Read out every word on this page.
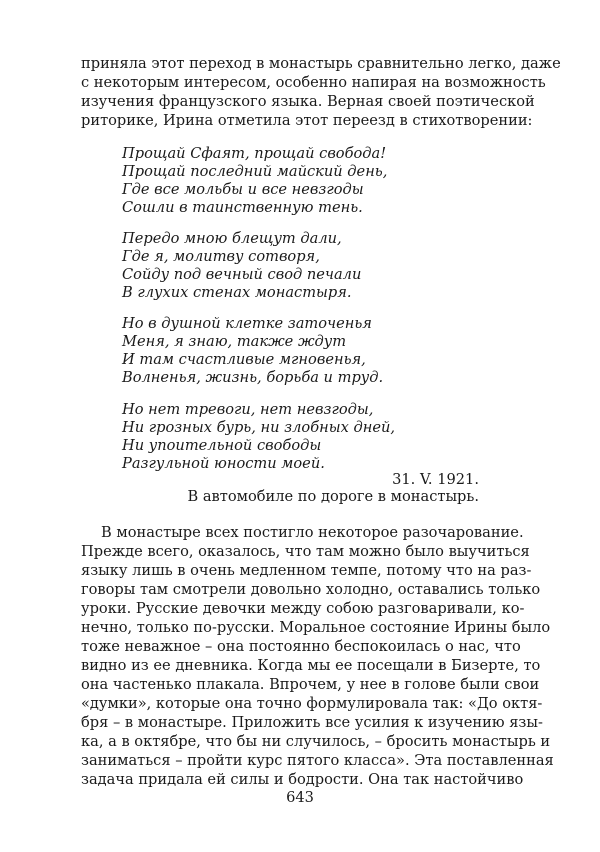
приняла этот переход в монастырь сравнительно легко, даже
с некоторым интересом, особенно напирая на возможность
изучения французского языка. Верная своей поэтической
риторике, Ирина отметила этот переезд в стихотворении:
Прощай Сфаят, прощай свобода!
Прощай последний майский день,
Где все мольбы и все невзгоды
Сошли в таинственную тень.
Передо мною блещут дали,
Где я, молитву сотворя,
Сойду под вечный свод печали
В глухих стенах монастыря.
Но в душной клетке заточенья
Меня, я знаю, также ждут
И там счастливые мгновенья,
Волненья, жизнь, борьба и труд.
Но нет тревоги, нет невзгоды,
Ни грозных бурь, ни злобных дней,
Ни упоительной свободы
Разгульной юности моей.
31. V. 1921.
В автомобиле по дороге в монастырь.
В монастыре всех постигло некоторое разочарование.
Прежде всего, оказалось, что там можно было выучиться
языку лишь в очень медленном темпе, потому что на раз-
говоры там смотрели довольно холодно, оставались только
уроки. Русские девочки между собою разговаривали, ко-
нечно, только по-русски. Моральное состояние Ирины было
тоже неважное – она постоянно беспокоилась о нас, что
видно из ее дневника. Когда мы ее посещали в Бизерте, то
она частенько плакала. Впрочем, у нее в голове были свои
«думки», которые она точно формулировала так: «До октя-
бря – в монастыре. Приложить все усилия к изучению язы-
ка, а в октябре, что бы ни случилось, – бросить монастырь и
заниматься – пройти курс пятого класса». Эта поставленная
задача придала ей силы и бодрости. Она так настойчиво
643
